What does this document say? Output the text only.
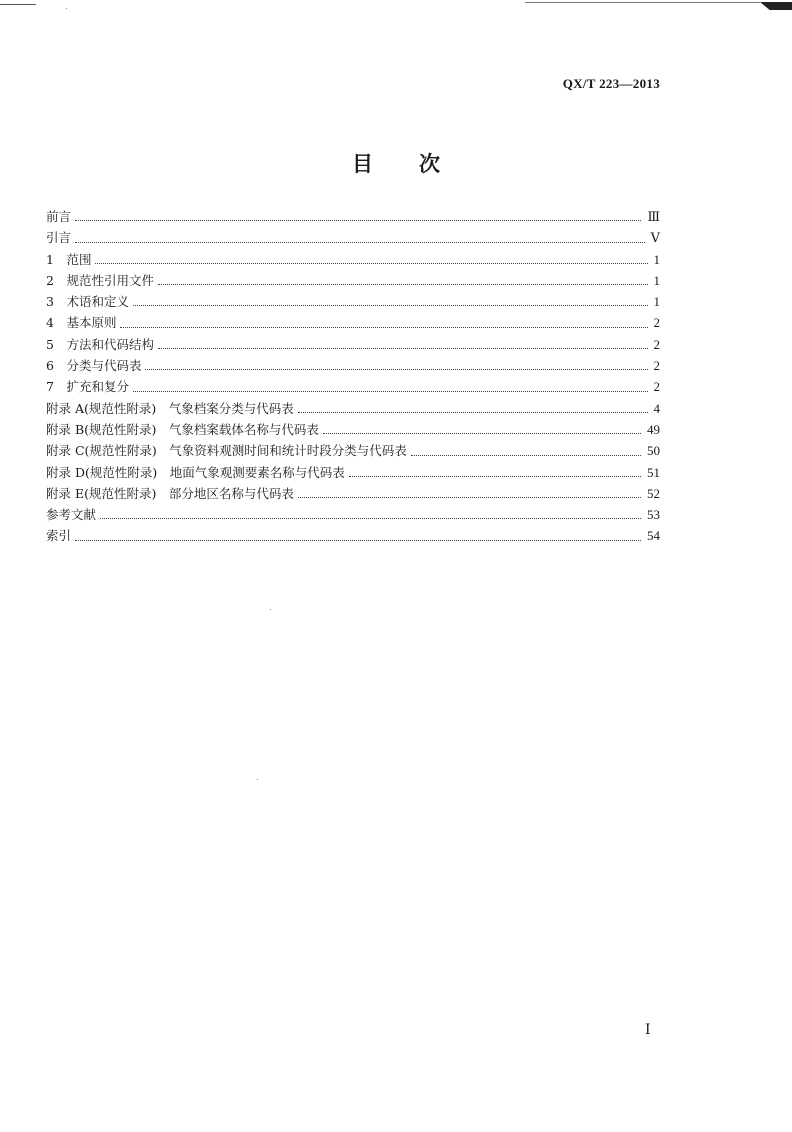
QX/T 223—2013
目 次
前言	Ⅲ
引言	Ⅴ
1　范围	1
2　规范性引用文件	1
3　术语和定义	1
4　基本原则	2
5　方法和代码结构	2
6　分类与代码表	2
7　扩充和复分	2
附录 A(规范性附录)　气象档案分类与代码表	4
附录 B(规范性附录)　气象档案载体名称与代码表	49
附录 C(规范性附录)　气象资料观测时间和统计时段分类与代码表	50
附录 D(规范性附录)　地面气象观测要素名称与代码表	51
附录 E(规范性附录)　部分地区名称与代码表	52
参考文献	53
索引	54
Ⅰ
